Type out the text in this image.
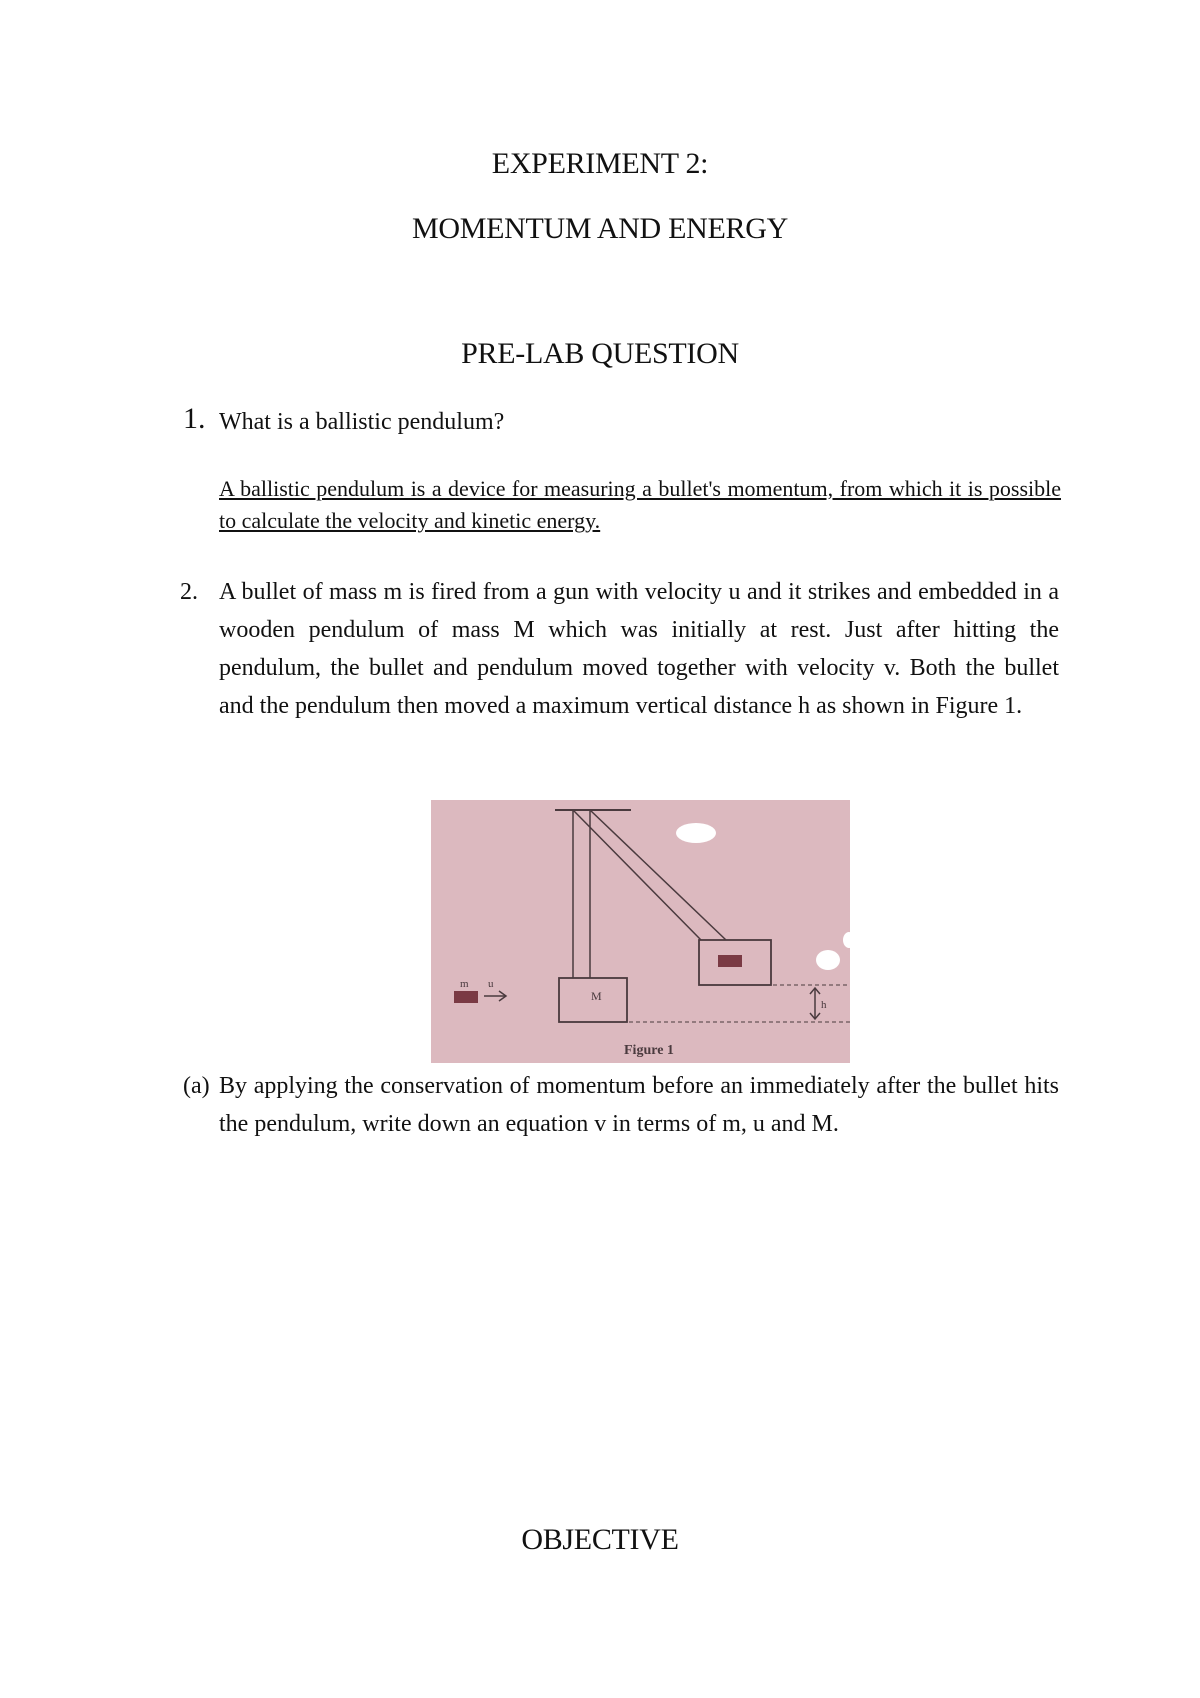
EXPERIMENT 2:
MOMENTUM AND ENERGY
PRE-LAB QUESTION
1. What is a ballistic pendulum?
A ballistic pendulum is a device for measuring a bullet's momentum, from which it is possible to calculate the velocity and kinetic energy.
2. A bullet of mass m is fired from a gun with velocity u and it strikes and embedded in a wooden pendulum of mass M which was initially at rest. Just after hitting the pendulum, the bullet and pendulum moved together with velocity v. Both the bullet and the pendulum then moved a maximum vertical distance h as shown in Figure 1.
M
m u
h
Figure 1
(a) By applying the conservation of momentum before an immediately after the bullet hits the pendulum, write down an equation v in terms of m, u and M.
OBJECTIVE
